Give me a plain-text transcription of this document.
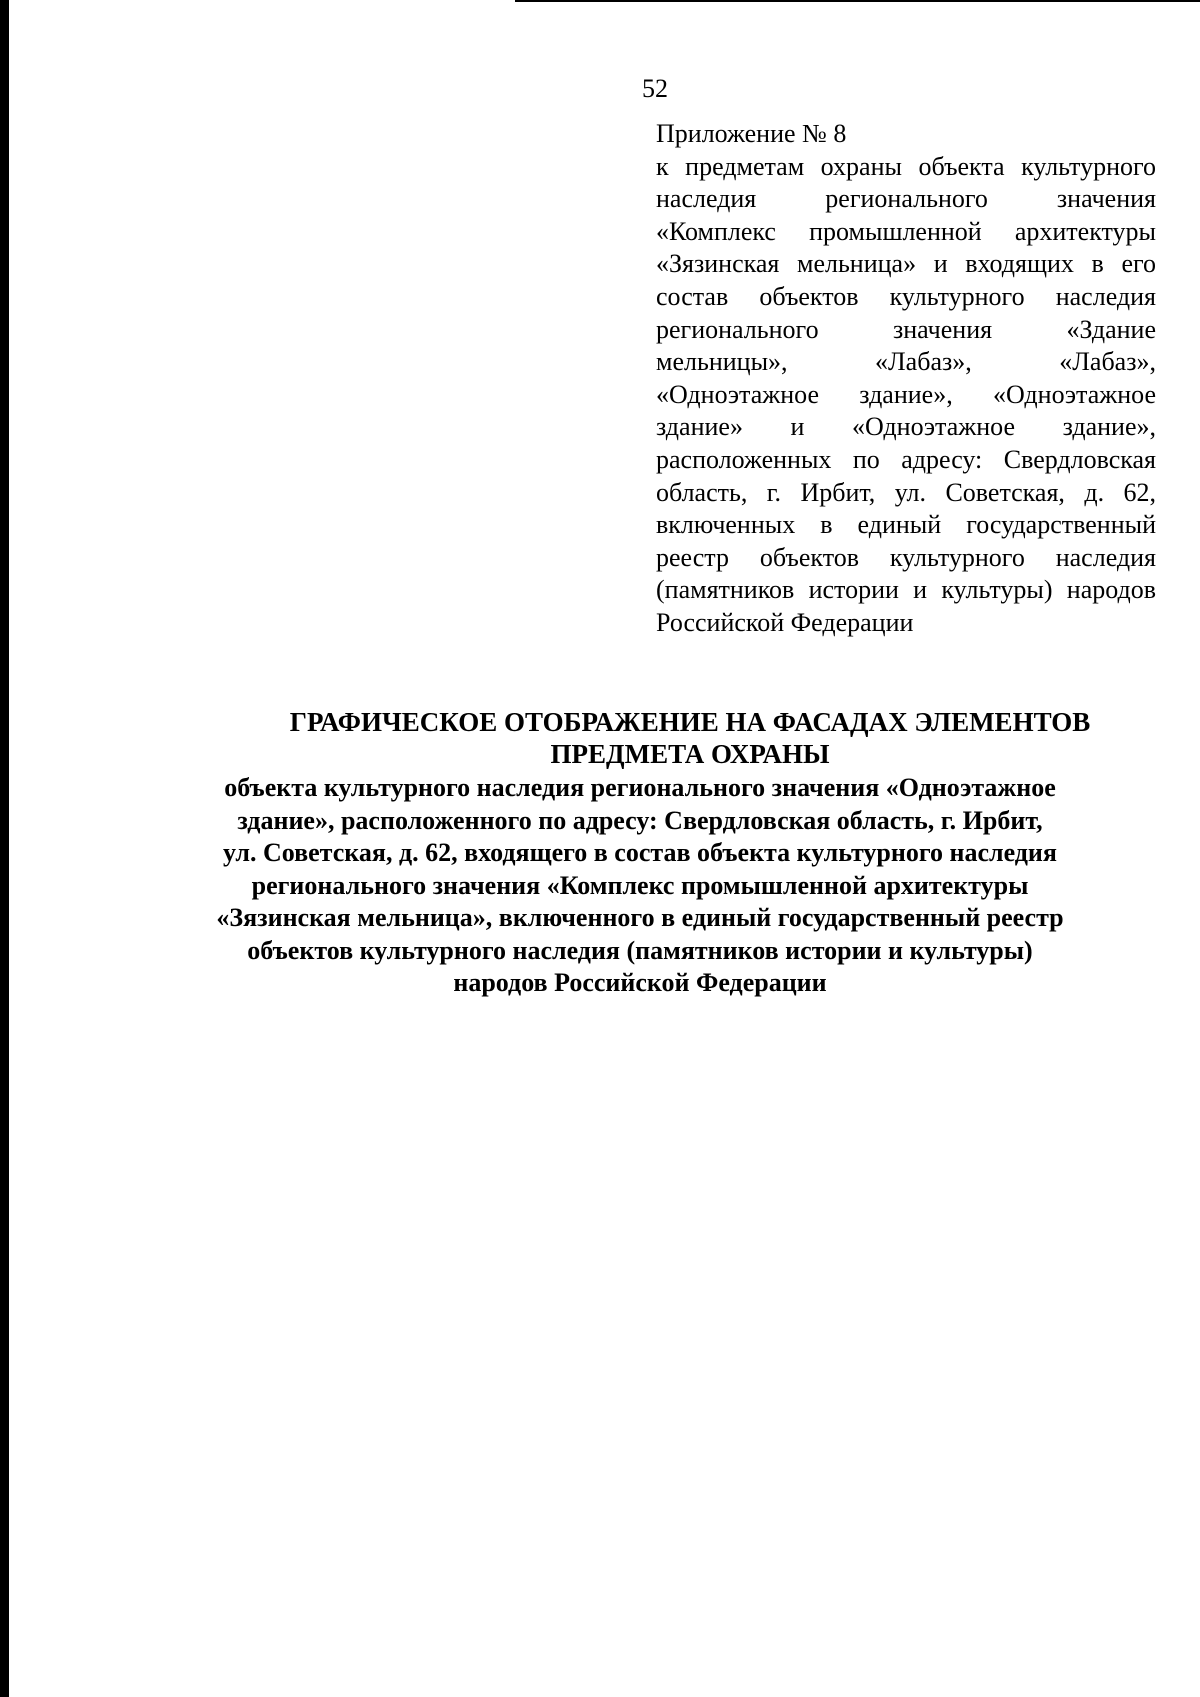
52
Приложение № 8
к предметам охраны объекта культурного наследия регионального значения «Комплекс промышленной архитектуры «Зязинская мельница» и входящих в его состав объектов культурного наследия регионального значения «Здание мельницы», «Лабаз», «Лабаз», «Одноэтажное здание», «Одноэтажное здание» и «Одноэтажное здание», расположенных по адресу: Свердловская область, г. Ирбит, ул. Советская, д. 62, включенных в единый государственный реестр объектов культурного наследия (памятников истории и культуры) народов Российской Федерации
ГРАФИЧЕСКОЕ ОТОБРАЖЕНИЕ НА ФАСАДАХ ЭЛЕМЕНТОВ
ПРЕДМЕТА ОХРАНЫ
объекта культурного наследия регионального значения «Одноэтажное
здание», расположенного по адресу: Свердловская область, г. Ирбит,
ул. Советская, д. 62, входящего в состав объекта культурного наследия
регионального значения «Комплекс промышленной архитектуры
«Зязинская мельница», включенного в единый государственный реестр
объектов культурного наследия (памятников истории и культуры)
народов Российской Федерации
